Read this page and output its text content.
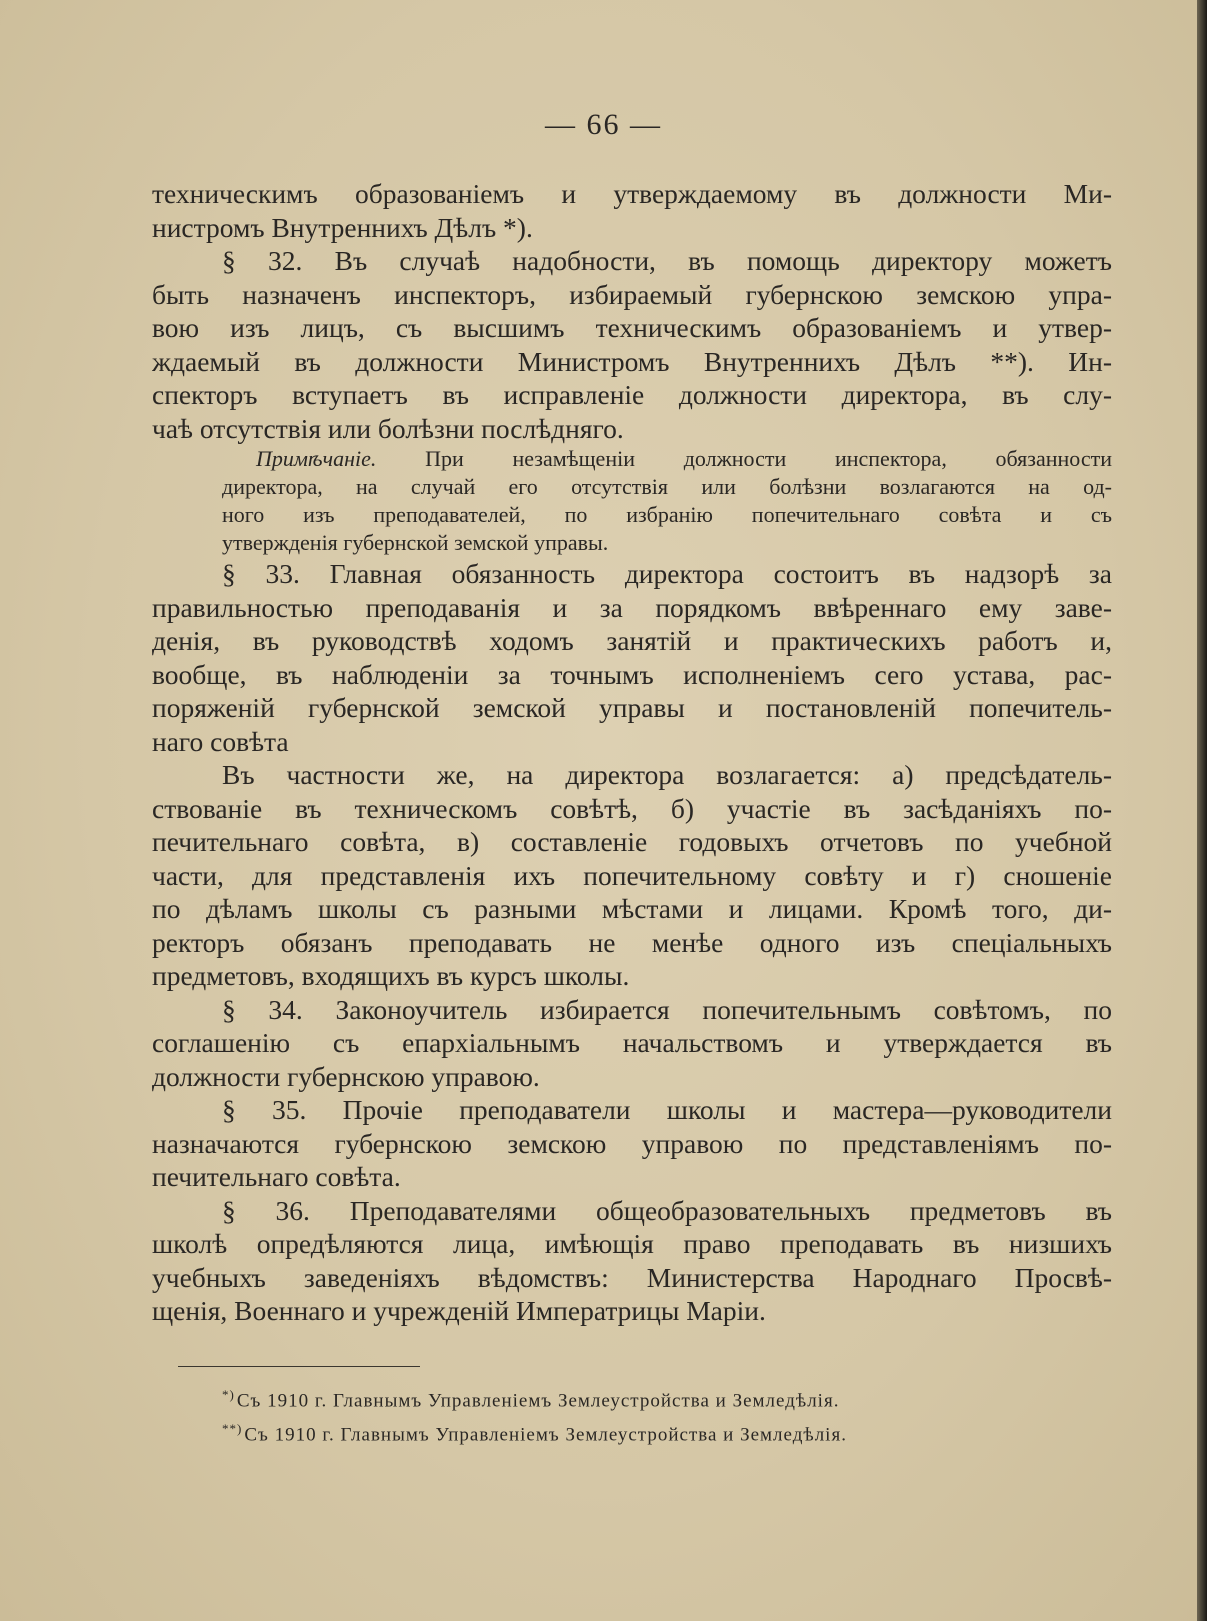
— 66 —
техническимъ образованіемъ и утверждаемому въ должности Ми-
нистромъ Внутреннихъ Дѣлъ *).
§ 32. Въ случаѣ надобности, въ помощь директору можетъ
быть назначенъ инспекторъ, избираемый губернскою земскою упра-
вою изъ лицъ, съ высшимъ техническимъ образованіемъ и утвер-
ждаемый въ должности Министромъ Внутреннихъ Дѣлъ **). Ин-
спекторъ вступаетъ въ исправленіе должности директора, въ слу-
чаѣ отсутствія или болѣзни послѣдняго.
Примѣчаніе. При незамѣщеніи должности инспектора, обязанности
директора, на случай его отсутствія или болѣзни возлагаются на од-
ного изъ преподавателей, по избранію попечительнаго совѣта и съ
утвержденія губернской земской управы.
§ 33. Главная обязанность директора состоитъ въ надзорѣ за
правильностью преподаванія и за порядкомъ ввѣреннаго ему заве-
денія, въ руководствѣ ходомъ занятій и практическихъ работъ и,
вообще, въ наблюденіи за точнымъ исполненіемъ сего устава, рас-
поряженій губернской земской управы и постановленій попечитель-
наго совѣта
Въ частности же, на директора возлагается: а) предсѣдатель-
ствованіе въ техническомъ совѣтѣ, б) участіе въ засѣданіяхъ по-
печительнаго совѣта, в) составленіе годовыхъ отчетовъ по учебной
части, для представленія ихъ попечительному совѣту и г) сношеніе
по дѣламъ школы съ разными мѣстами и лицами. Кромѣ того, ди-
ректоръ обязанъ преподавать не менѣе одного изъ спеціальныхъ
предметовъ, входящихъ въ курсъ школы.
§ 34. Законоучитель избирается попечительнымъ совѣтомъ, по
соглашенію съ епархіальнымъ начальствомъ и утверждается въ
должности губернскою управою.
§ 35. Прочіе преподаватели школы и мастера—руководители
назначаются губернскою земскою управою по представленіямъ по-
печительнаго совѣта.
§ 36. Преподавателями общеобразовательныхъ предметовъ въ
школѣ опредѣляются лица, имѣющія право преподавать въ низшихъ
учебныхъ заведеніяхъ вѣдомствъ: Министерства Народнаго Просвѣ-
щенія, Военнаго и учрежденій Императрицы Маріи.
*) Съ 1910 г. Главнымъ Управленіемъ Землеустройства и Земледѣлія.
**) Съ 1910 г. Главнымъ Управленіемъ Землеустройства и Земледѣлія.
